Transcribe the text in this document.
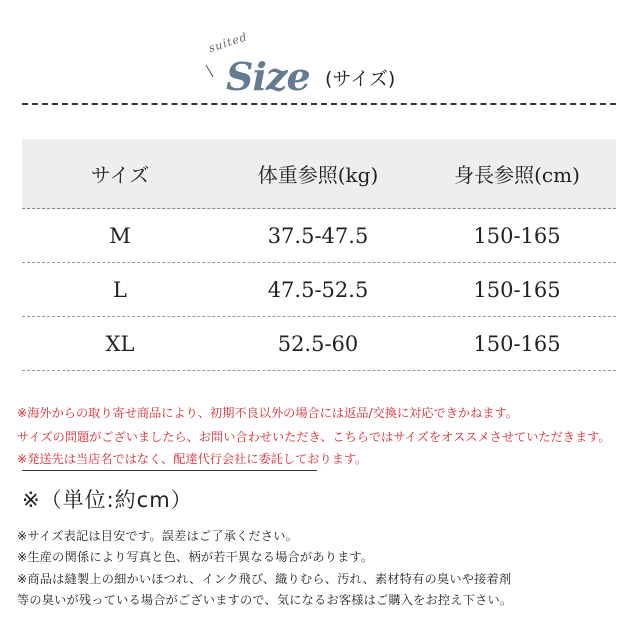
suited
Size (サイズ)
サイズ	体重参照(kg)	身長参照(cm)
M	37.5-47.5	150-165
L	47.5-52.5	150-165
XL	52.5-60	150-165
※海外からの取り寄せ商品により、初期不良以外の場合には返品/交換に対応できかねます。
サイズの問題がございましたら、お問い合わせいただき、こちらではサイズをオススメさせていただきます。
※発送先は当店名ではなく、配達代行会社に委託しております。
※（単位:約cm）
※サイズ表記は目安です。誤差はご了承ください。
※生産の関係により写真と色、柄が若干異なる場合があります。
※商品は縫製上の細かいほつれ、インク飛び、織りむら、汚れ、素材特有の臭いや接着剤
等の臭いが残っている場合がございますので、気になるお客様はご購入をお控え下さい。
